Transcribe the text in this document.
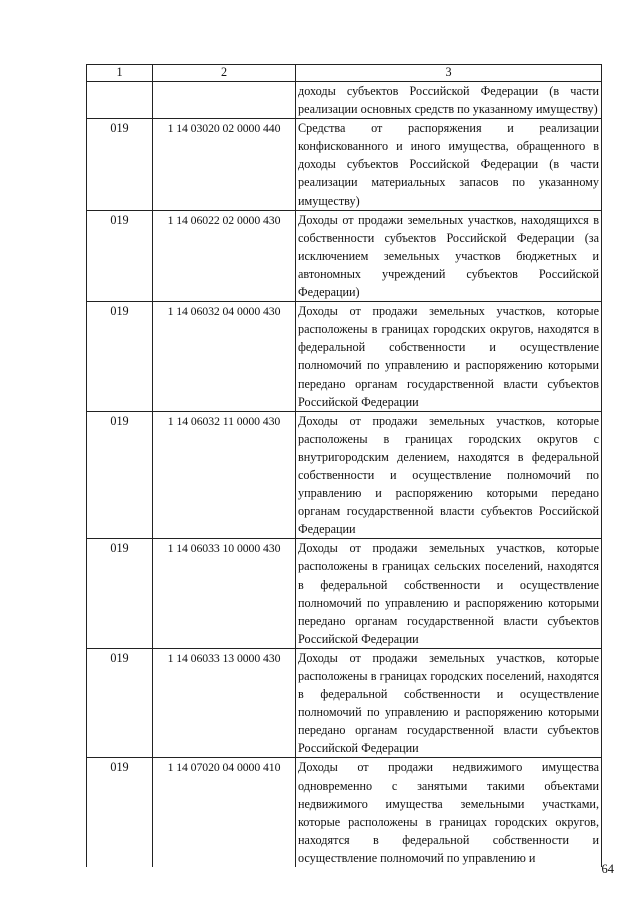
1	2	3
		доходы субъектов Российской Федерации (в части реализации основных средств по указанному имуществу)
019	1 14 03020 02 0000 440	Средства от распоряжения и реализации конфискованного и иного имущества, обращенного в доходы субъектов Российской Федерации (в части реализации материальных запасов по указанному имуществу)
019	1 14 06022 02 0000 430	Доходы от продажи земельных участков, находящихся в собственности субъектов Российской Федерации (за исключением земельных участков бюджетных и автономных учреждений субъектов Российской Федерации)
019	1 14 06032 04 0000 430	Доходы от продажи земельных участков, которые расположены в границах городских округов, находятся в федеральной собственности и осуществление полномочий по управлению и распоряжению которыми передано органам государственной власти субъектов Российской Федерации
019	1 14 06032 11 0000 430	Доходы от продажи земельных участков, которые расположены в границах городских округов с внутригородским делением, находятся в федеральной собственности и осуществление полномочий по управлению и распоряжению которыми передано органам государственной власти субъектов Российской Федерации
019	1 14 06033 10 0000 430	Доходы от продажи земельных участков, которые расположены в границах сельских поселений, находятся в федеральной собственности и осуществление полномочий по управлению и распоряжению которыми передано органам государственной власти субъектов Российской Федерации
019	1 14 06033 13 0000 430	Доходы от продажи земельных участков, которые расположены в границах городских поселений, находятся в федеральной собственности и осуществление полномочий по управлению и распоряжению которыми передано органам государственной власти субъектов Российской Федерации
019	1 14 07020 04 0000 410	Доходы от продажи недвижимого имущества одновременно с занятыми такими объектами недвижимого имущества земельными участками, которые расположены в границах городских округов, находятся в федеральной собственности и осуществление полномочий по управлению и
64
